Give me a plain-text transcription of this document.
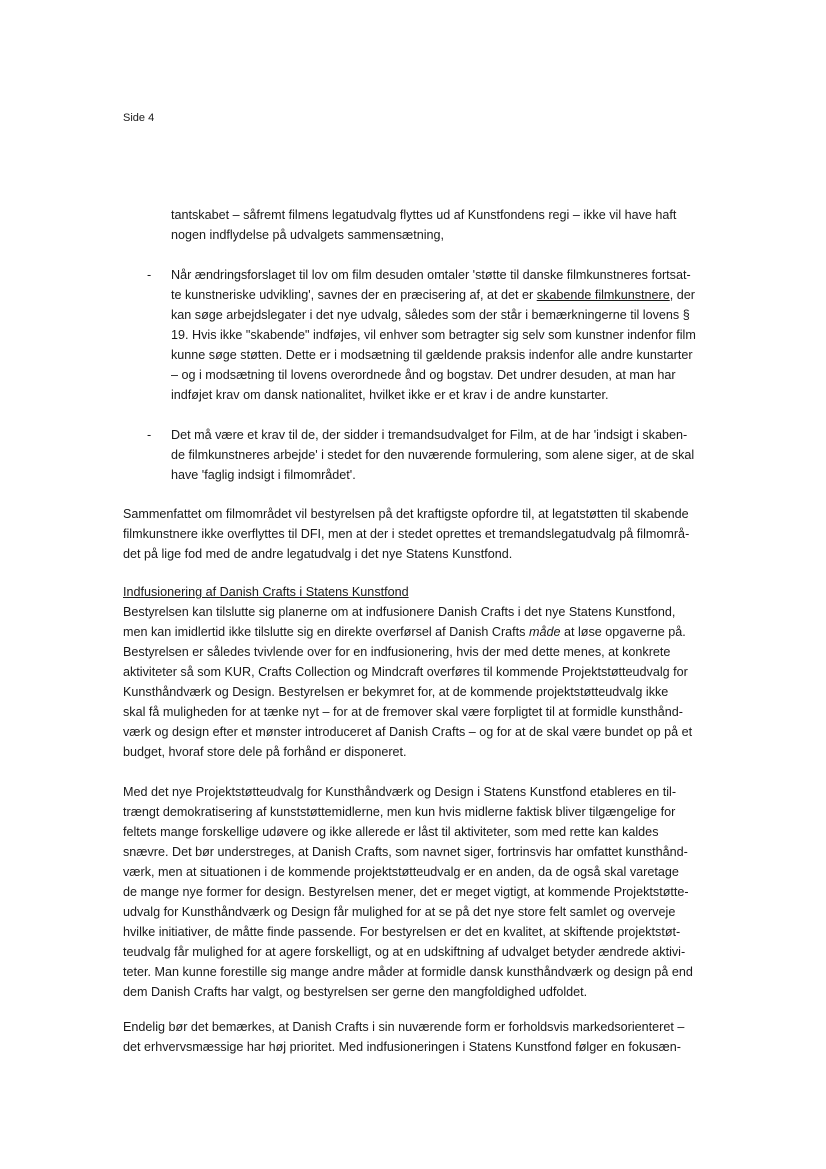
Side 4
tantskabet – såfremt filmens legatudvalg flyttes ud af Kunstfondens regi – ikke vil have haft
nogen indflydelse på udvalgets sammensætning,
- Når ændringsforslaget til lov om film desuden omtaler 'støtte til danske filmkunstneres fortsat-
te kunstneriske udvikling', savnes der en præcisering af, at det er skabende filmkunstnere, der
kan søge arbejdslegater i det nye udvalg, således som der står i bemærkningerne til lovens §
19. Hvis ikke "skabende" indføjes, vil enhver som betragter sig selv som kunstner indenfor film
kunne søge støtten. Dette er i modsætning til gældende praksis indenfor alle andre kunstarter
– og i modsætning til lovens overordnede ånd og bogstav. Det undrer desuden, at man har
indføjet krav om dansk nationalitet, hvilket ikke er et krav i de andre kunstarter.
- Det må være et krav til de, der sidder i tremandsudvalget for Film, at de har 'indsigt i skaben-
de filmkunstneres arbejde' i stedet for den nuværende formulering, som alene siger, at de skal
have 'faglig indsigt i filmområdet'.
Sammenfattet om filmområdet vil bestyrelsen på det kraftigste opfordre til, at legatstøtten til skabende
filmkunstnere ikke overflyttes til DFI, men at der i stedet oprettes et tremandslegatudvalg på filmområ-
det på lige fod med de andre legatudvalg i det nye Statens Kunstfond.
Indfusionering af Danish Crafts i Statens Kunstfond
Bestyrelsen kan tilslutte sig planerne om at indfusionere Danish Crafts i det nye Statens Kunstfond,
men kan imidlertid ikke tilslutte sig en direkte overførsel af Danish Crafts måde at løse opgaverne på.
Bestyrelsen er således tvivlende over for en indfusionering, hvis der med dette menes, at konkrete
aktiviteter så som KUR, Crafts Collection og Mindcraft overføres til kommende Projektstøtteudvalg for
Kunsthåndværk og Design. Bestyrelsen er bekymret for, at de kommende projektstøtteudvalg ikke
skal få muligheden for at tænke nyt – for at de fremover skal være forpligtet til at formidle kunsthånd-
værk og design efter et mønster introduceret af Danish Crafts – og for at de skal være bundet op på et
budget, hvoraf store dele på forhånd er disponeret.
Med det nye Projektstøtteudvalg for Kunsthåndværk og Design i Statens Kunstfond etableres en til-
trængt demokratisering af kunststøttemidlerne, men kun hvis midlerne faktisk bliver tilgængelige for
feltets mange forskellige udøvere og ikke allerede er låst til aktiviteter, som med rette kan kaldes
snævre. Det bør understreges, at Danish Crafts, som navnet siger, fortrinsvis har omfattet kunsthånd-
værk, men at situationen i de kommende projektstøtteudvalg er en anden, da de også skal varetage
de mange nye former for design. Bestyrelsen mener, det er meget vigtigt, at kommende Projektstøtte-
udvalg for Kunsthåndværk og Design får mulighed for at se på det nye store felt samlet og overveje
hvilke initiativer, de måtte finde passende. For bestyrelsen er det en kvalitet, at skiftende projektstøt-
teudvalg får mulighed for at agere forskelligt, og at en udskiftning af udvalget betyder ændrede aktivi-
teter. Man kunne forestille sig mange andre måder at formidle dansk kunsthåndværk og design på end
dem Danish Crafts har valgt, og bestyrelsen ser gerne den mangfoldighed udfoldet.
Endelig bør det bemærkes, at Danish Crafts i sin nuværende form er forholdsvis markedsorienteret –
det erhvervsmæssige har høj prioritet. Med indfusioneringen i Statens Kunstfond følger en fokusæn-
